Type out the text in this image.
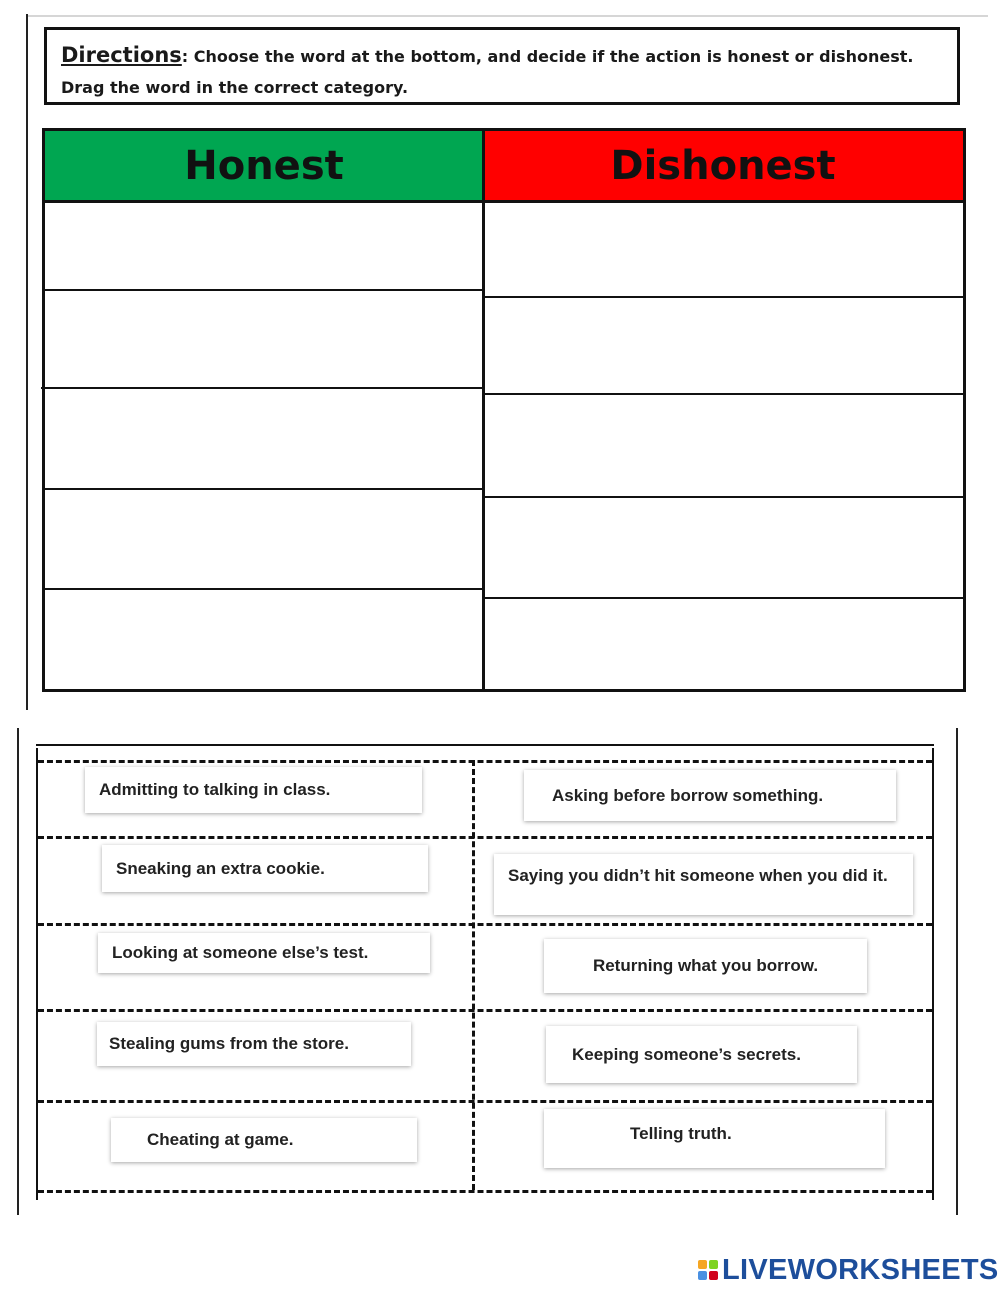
Directions: Choose the word at the bottom, and decide if the action is honest or dishonest. Drag the word in the correct category.
Honest	Dishonest
Admitting to talking in class.
Sneaking an extra cookie.
Looking at someone else’s test.
Stealing gums from the store.
Cheating at game.
Asking before borrow something.
Saying you didn’t hit someone when you did it.
Returning what you borrow.
Keeping someone’s secrets.
Telling truth.
LIVEWORKSHEETS
